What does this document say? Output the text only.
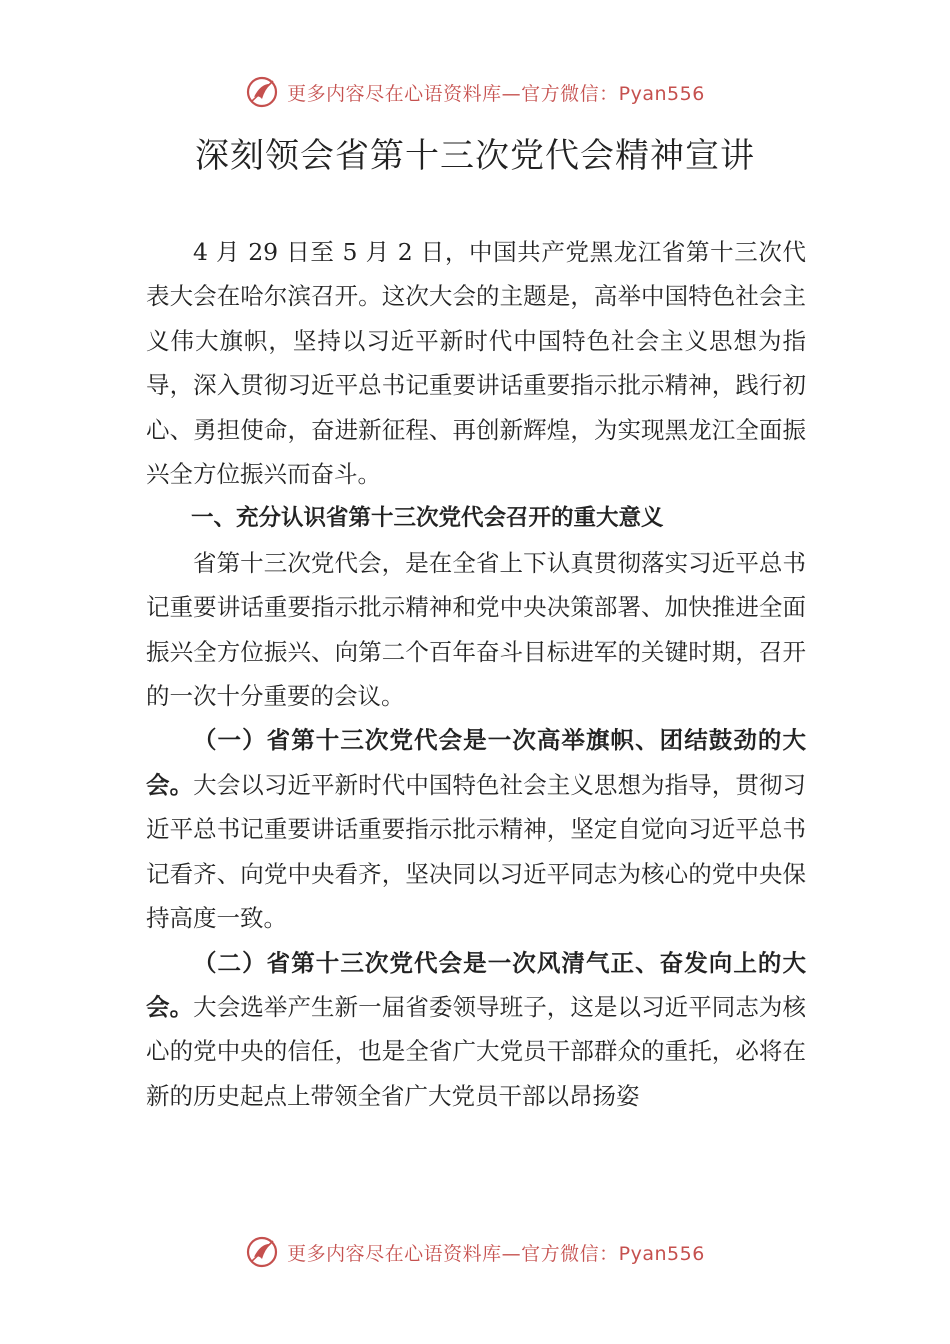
更多内容尽在心语资料库—官方微信：Pyan556
深刻领会省第十三次党代会精神宣讲

4 月 29 日至 5 月 2 日，中国共产党黑龙江省第十三次代表大会在哈尔滨召开。这次大会的主题是，高举中国特色社会主义伟大旗帜，坚持以习近平新时代中国特色社会主义思想为指导，深入贯彻习近平总书记重要讲话重要指示批示精神，践行初心、勇担使命，奋进新征程、再创新辉煌，为实现黑龙江全面振兴全方位振兴而奋斗。

一、充分认识省第十三次党代会召开的重大意义

省第十三次党代会，是在全省上下认真贯彻落实习近平总书记重要讲话重要指示批示精神和党中央决策部署、加快推进全面振兴全方位振兴、向第二个百年奋斗目标进军的关键时期，召开的一次十分重要的会议。

（一）省第十三次党代会是一次高举旗帜、团结鼓劲的大会。大会以习近平新时代中国特色社会主义思想为指导，贯彻习近平总书记重要讲话重要指示批示精神，坚定自觉向习近平总书记看齐、向党中央看齐，坚决同以习近平同志为核心的党中央保持高度一致。

（二）省第十三次党代会是一次风清气正、奋发向上的大会。大会选举产生新一届省委领导班子，这是以习近平同志为核心的党中央的信任，也是全省广大党员干部群众的重托，必将在新的历史起点上带领全省广大党员干部以昂扬姿

更多内容尽在心语资料库—官方微信：Pyan556
